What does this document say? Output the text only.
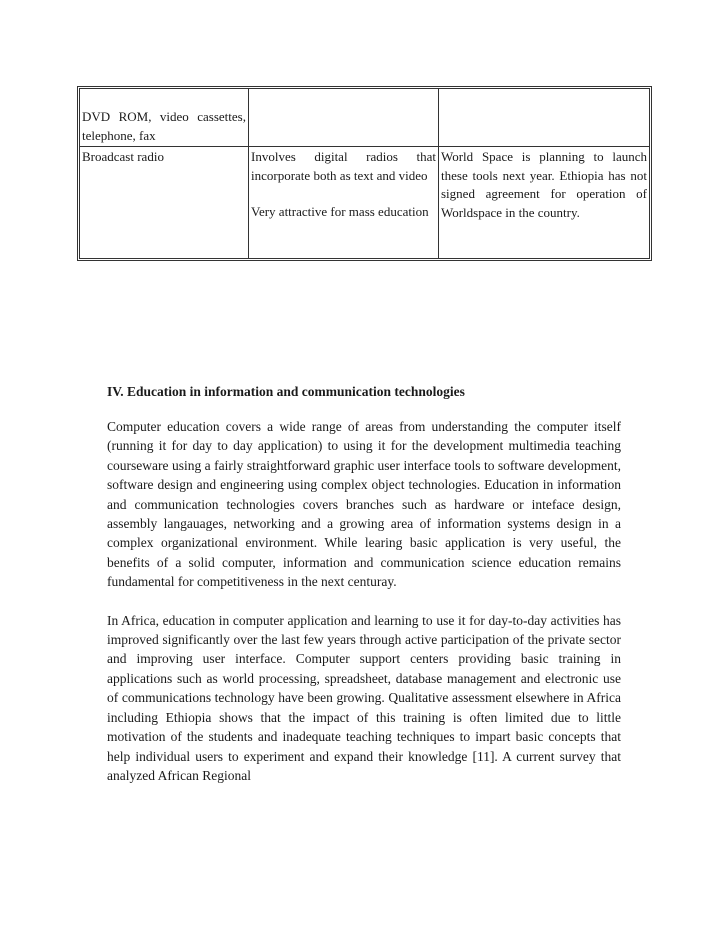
DVD ROM, video cassettes, telephone, fax

Broadcast radio	Involves digital radios that incorporate both as text and video

Very attractive for mass education

World Space is planning to launch these tools next year. Ethiopia has not signed agreement for operation of Worldspace in the country.

IV. Education in information and communication technologies

Computer education covers a wide range of areas from understanding the computer itself (running it for day to day application) to using it for the development multimedia teaching courseware using a fairly straightforward graphic user interface tools to software development, software design and engineering using complex object technologies. Education in information and communication technologies covers branches such as hardware or inteface design, assembly langauages, networking and a growing area of information systems design in a complex organizational environment. While learing basic application is very useful, the benefits of a solid computer, information and communication science education remains fundamental for competitiveness in the next centuray.

In Africa, education in computer application and learning to use it for day-to-day activities has improved significantly over the last few years through active participation of the private sector and improving user interface. Computer support centers providing basic training in applications such as world processing, spreadsheet, database management and electronic use of communications technology have been growing. Qualitative assessment elsewhere in Africa including Ethiopia shows that the impact of this training is often limited due to little motivation of the students and inadequate teaching techniques to impart basic concepts that help individual users to experiment and expand their knowledge [11]. A current survey that analyzed African Regional
